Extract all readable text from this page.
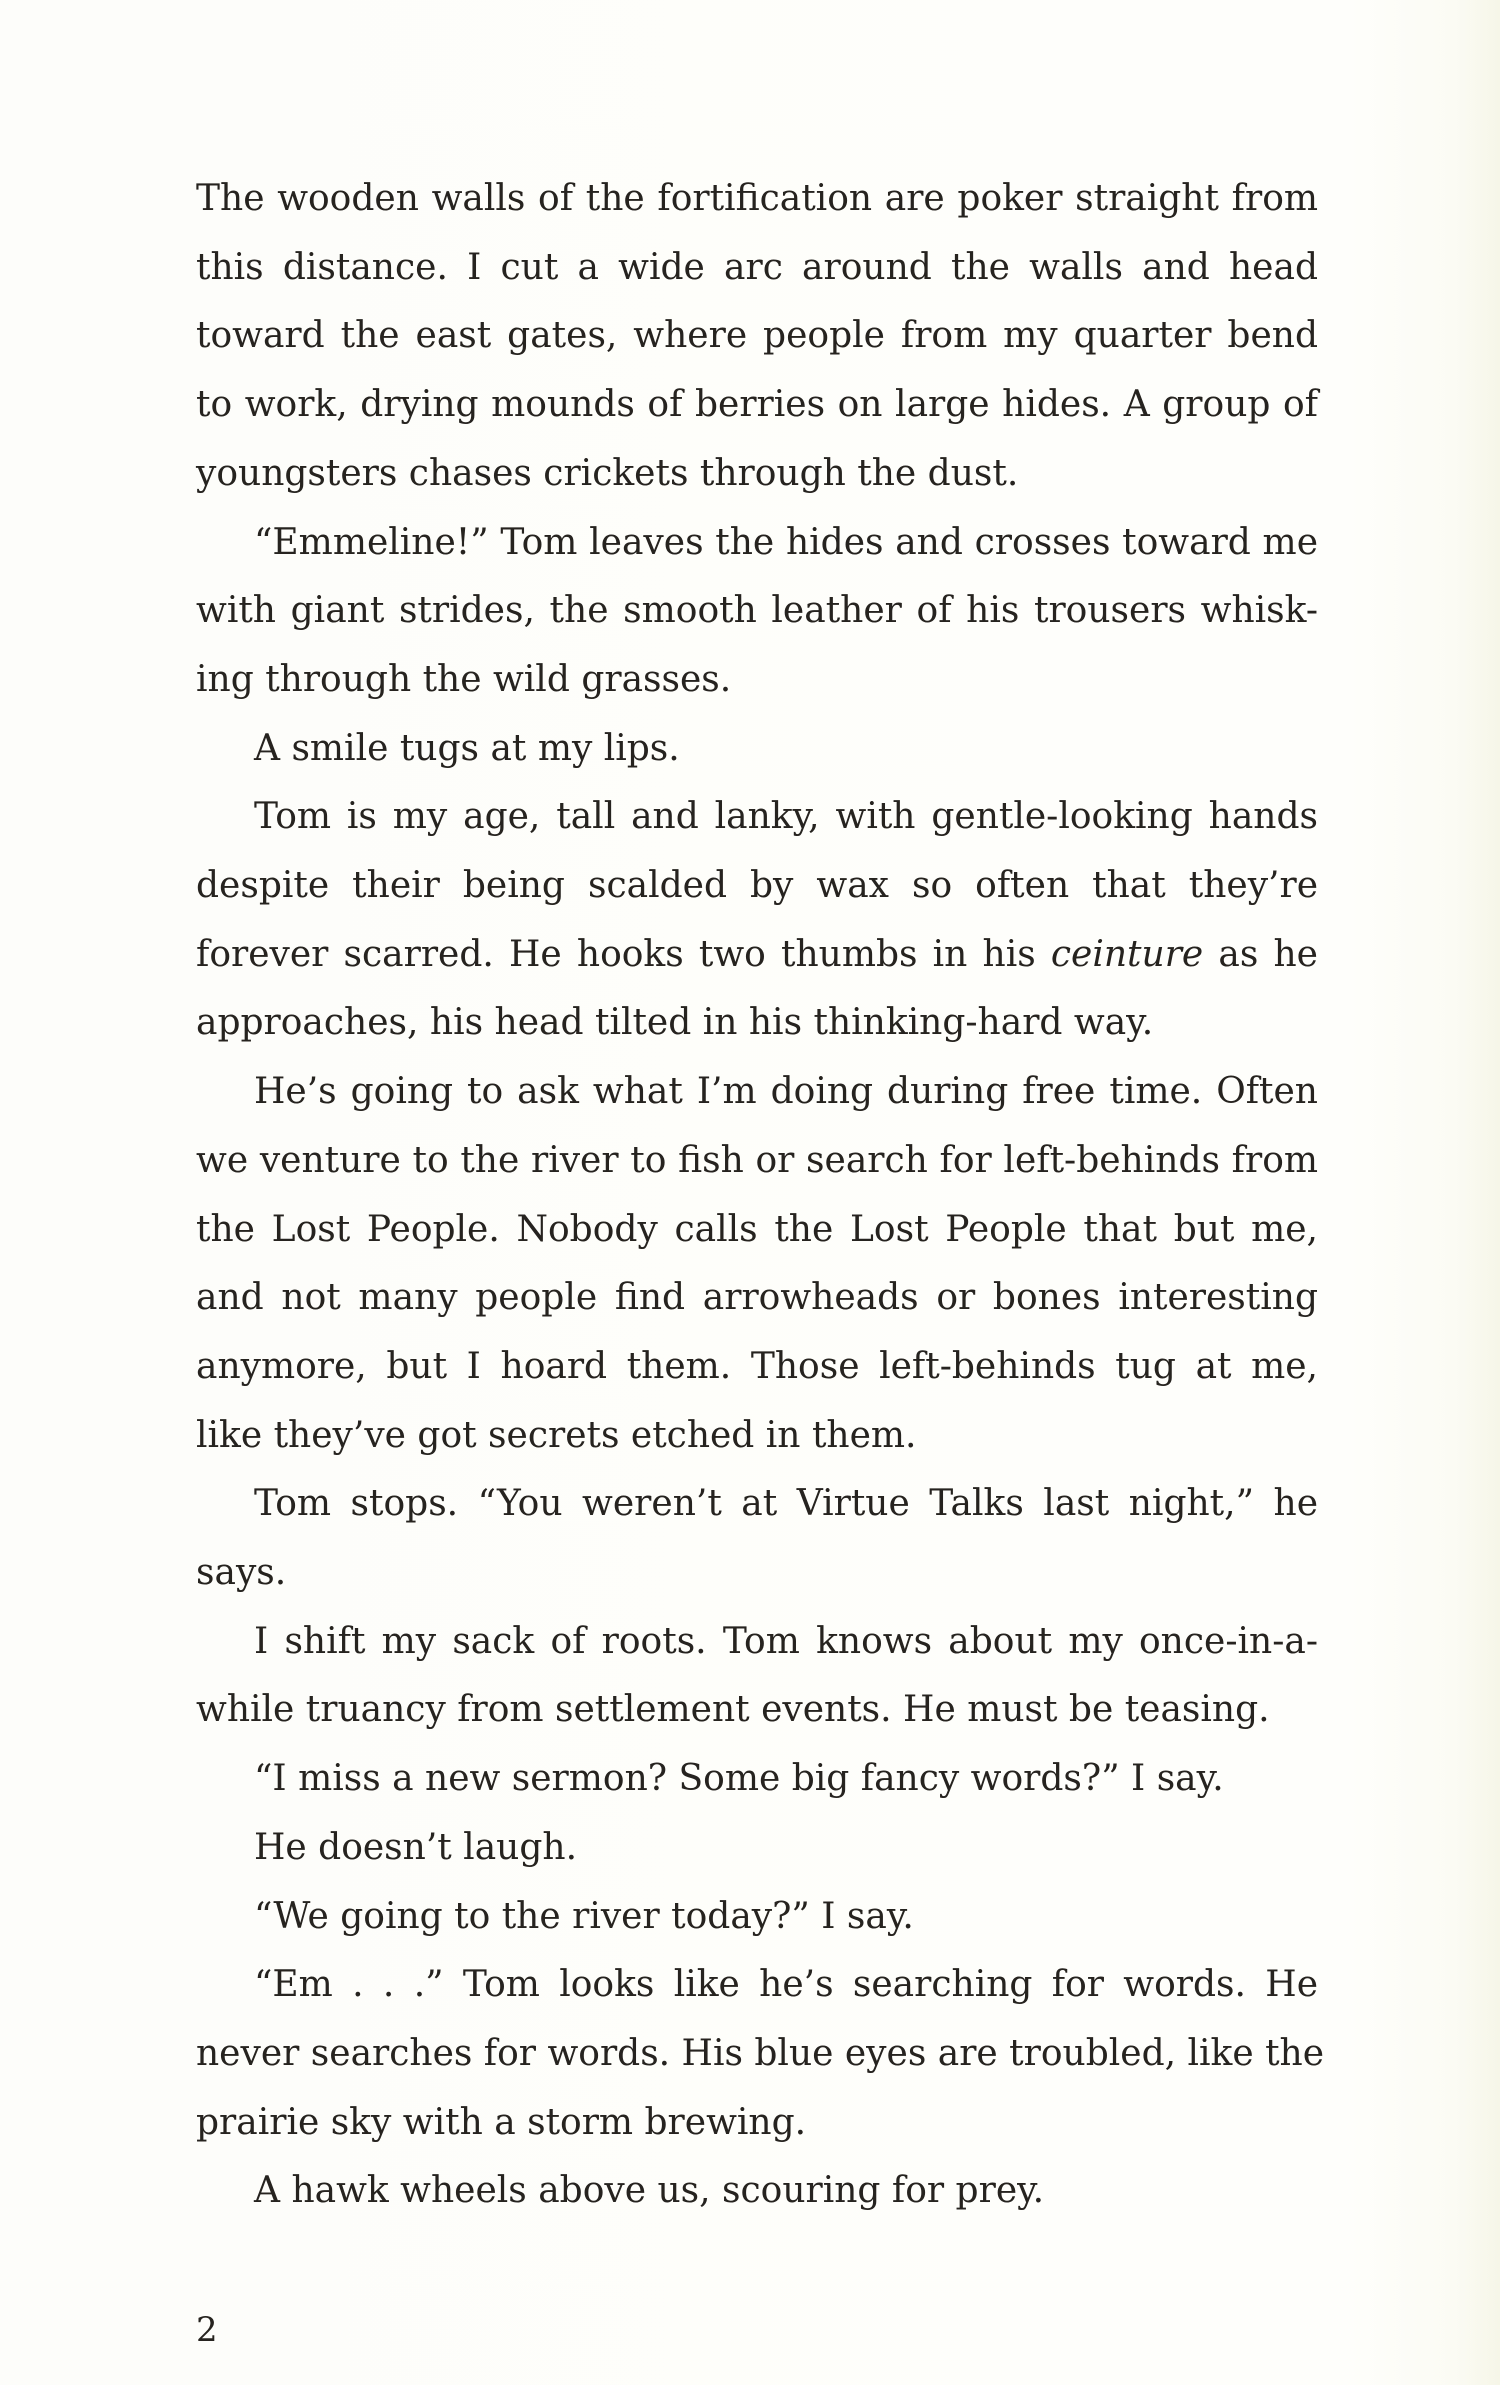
The wooden walls of the fortification are poker straight from
this distance. I cut a wide arc around the walls and head
toward the east gates, where people from my quarter bend
to work, drying mounds of berries on large hides. A group of
youngsters chases crickets through the dust.

“Emmeline!” Tom leaves the hides and crosses toward me
with giant strides, the smooth leather of his trousers whisk-
ing through the wild grasses.

A smile tugs at my lips.

Tom is my age, tall and lanky, with gentle-looking hands
despite their being scalded by wax so often that they’re
forever scarred. He hooks two thumbs in his ceinture as he
approaches, his head tilted in his thinking-hard way.

He’s going to ask what I’m doing during free time. Often
we venture to the river to fish or search for left-behinds from
the Lost People. Nobody calls the Lost People that but me,
and not many people find arrowheads or bones interesting
anymore, but I hoard them. Those left-behinds tug at me,
like they’ve got secrets etched in them.

Tom stops. “You weren’t at Virtue Talks last night,” he
says.

I shift my sack of roots. Tom knows about my once-in-a-
while truancy from settlement events. He must be teasing.

“I miss a new sermon? Some big fancy words?” I say.

He doesn’t laugh.

“We going to the river today?” I say.

“Em . . .” Tom looks like he’s searching for words. He
never searches for words. His blue eyes are troubled, like the
prairie sky with a storm brewing.

A hawk wheels above us, scouring for prey.

2
